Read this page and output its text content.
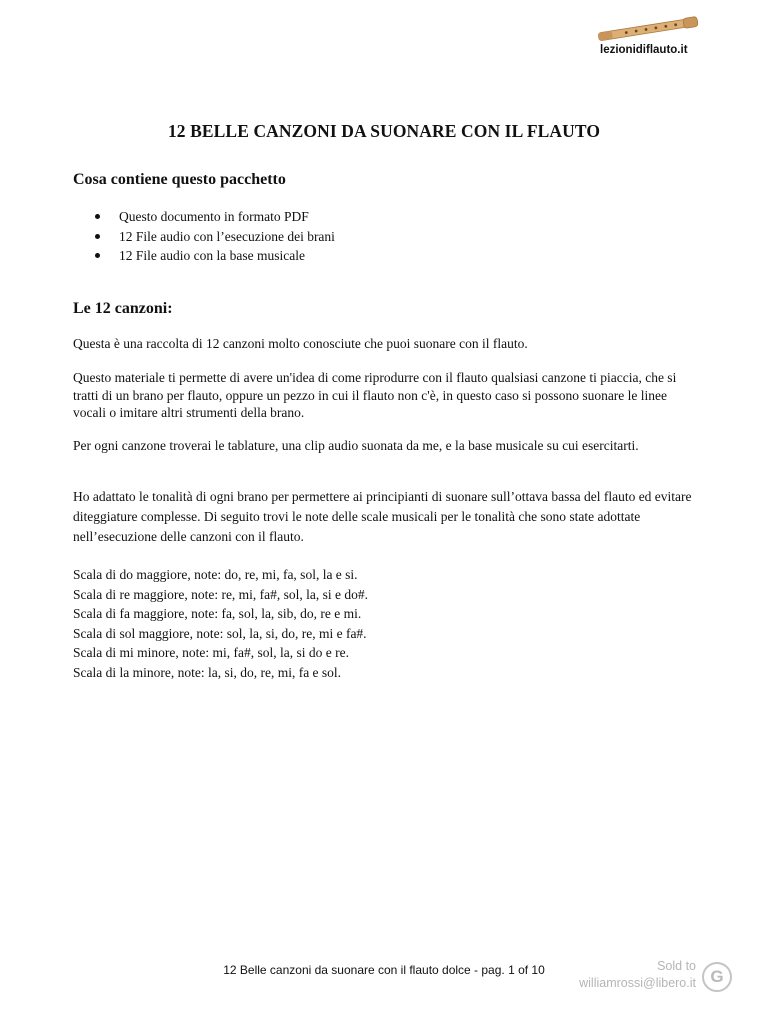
lezionidiflauto.it
12 BELLE CANZONI DA SUONARE CON IL FLAUTO
Cosa contiene questo pacchetto
Questo documento in formato PDF
12 File audio con l’esecuzione dei brani
12 File audio con la base musicale
Le 12 canzoni:

Questa è una raccolta di 12 canzoni molto conosciute che puoi suonare con il flauto.

Questo materiale ti permette di avere un'idea di come riprodurre con il flauto qualsiasi canzone ti piaccia, che si tratti di un brano per flauto, oppure un pezzo in cui il flauto non c'è, in questo caso si possono suonare le linee vocali o imitare altri strumenti della brano.

Per ogni canzone troverai le tablature, una clip audio suonata da me, e la base musicale su cui esercitarti.

Ho adattato le tonalità di ogni brano per permettere ai principianti di suonare sull’ottava bassa del flauto ed evitare diteggiature complesse. Di seguito trovi le note delle scale musicali per le tonalità che sono state adottate nell’esecuzione delle canzoni con il flauto.

Scala di do maggiore, note: do, re, mi, fa, sol, la e si.
Scala di re maggiore, note: re, mi, fa#, sol, la, si e do#.
Scala di fa maggiore, note: fa, sol, la, sib, do, re e mi.
Scala di sol maggiore, note: sol, la, si, do, re, mi e fa#.
Scala di mi minore, note: mi, fa#, sol, la, si do e re.
Scala di la minore, note: la, si, do, re, mi, fa e sol.
12 Belle canzoni da suonare con il flauto dolce - pag. 1 of 10	Sold to
williamrossi@libero.it G
